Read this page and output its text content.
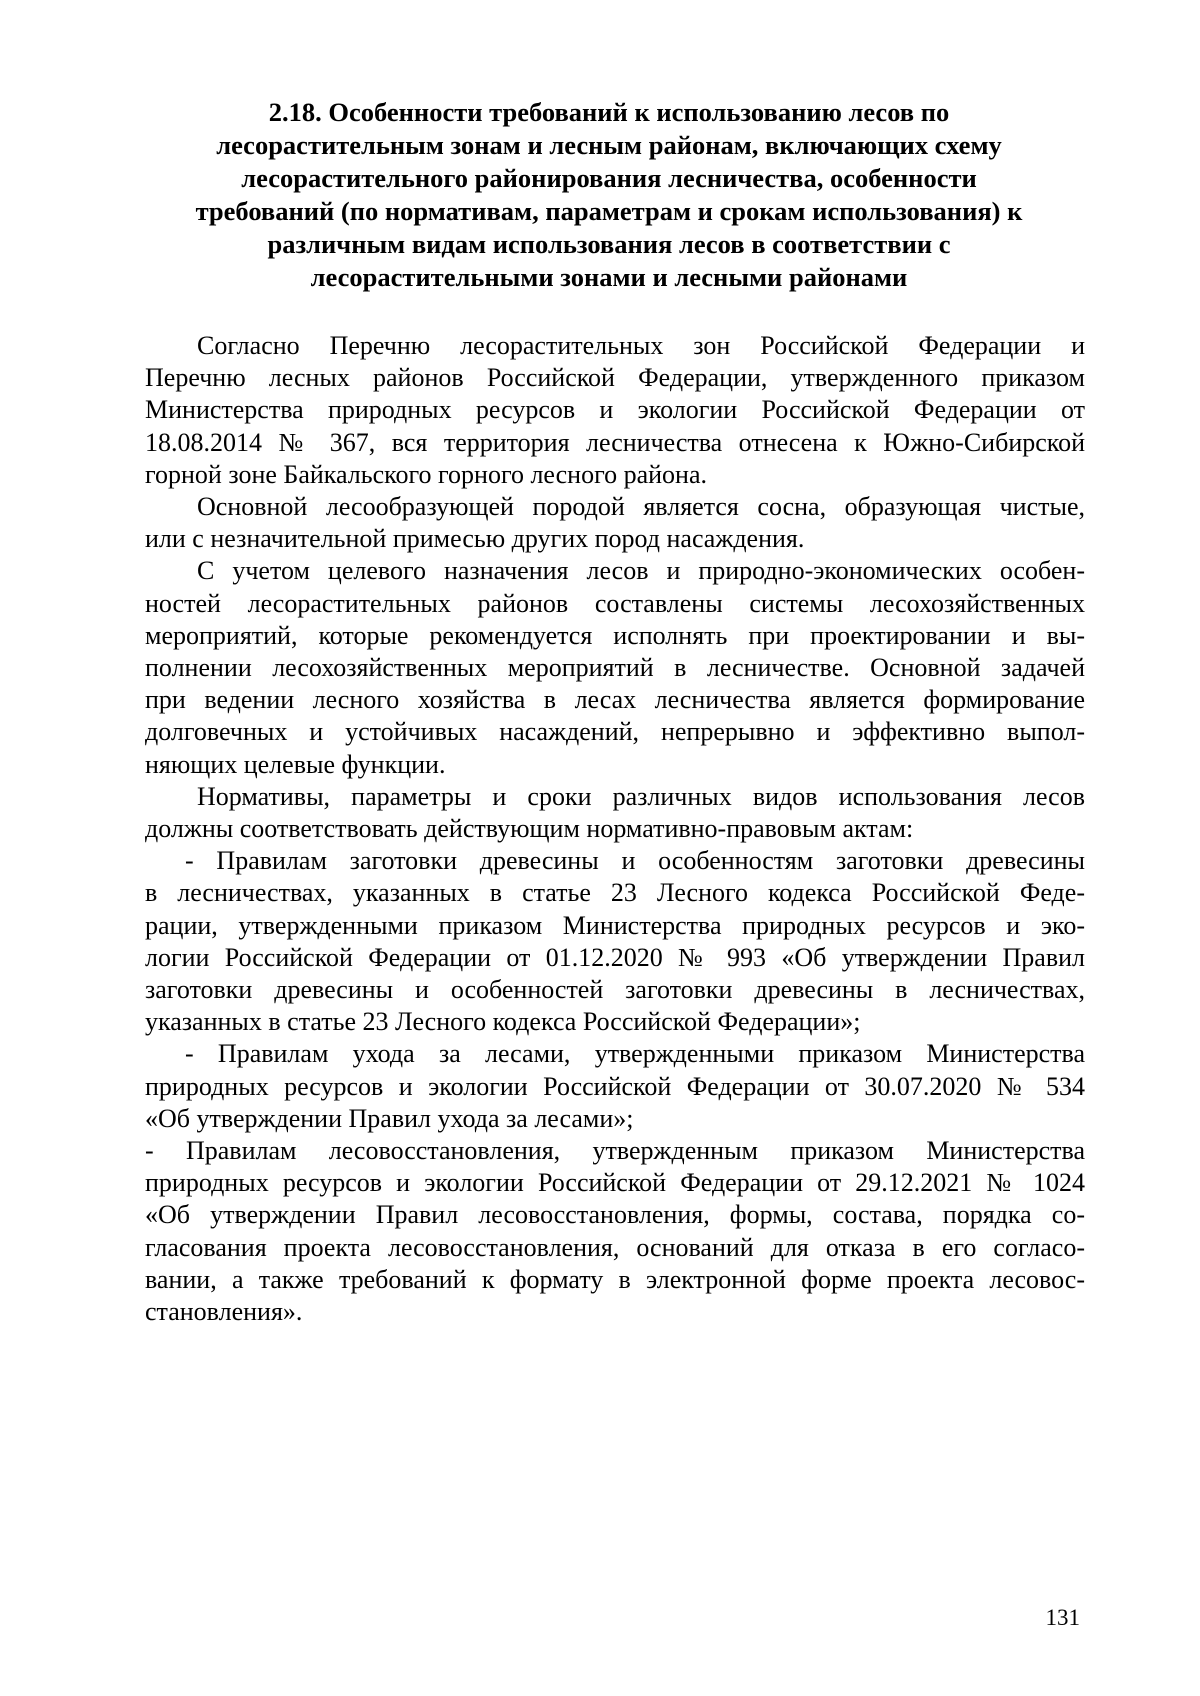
2.18. Особенности требований к использованию лесов по
лесорастительным зонам и лесным районам, включающих схему
лесорастительного районирования лесничества, особенности
требований (по нормативам, параметрам и срокам использования) к
различным видам использования лесов в соответствии с
лесорастительными зонами и лесными районами

Согласно Перечню лесорастительных зон Российской Федерации и
Перечню лесных районов Российской Федерации, утвержденного приказом
Министерства природных ресурсов и экологии Российской Федерации от
18.08.2014 № 367, вся территория лесничества отнесена к Южно-Сибирской
горной зоне Байкальского горного лесного района.

Основной лесообразующей породой является сосна, образующая чистые,
или с незначительной примесью других пород насаждения.

С учетом целевого назначения лесов и природно-экономических особен-
ностей лесорастительных районов составлены системы лесохозяйственных
мероприятий, которые рекомендуется исполнять при проектировании и вы-
полнении лесохозяйственных мероприятий в лесничестве. Основной задачей
при ведении лесного хозяйства в лесах лесничества является формирование
долговечных и устойчивых насаждений, непрерывно и эффективно выпол-
няющих целевые функции.

Нормативы, параметры и сроки различных видов использования лесов
должны соответствовать действующим нормативно-правовым актам:

- Правилам заготовки древесины и особенностям заготовки древесины
в лесничествах, указанных в статье 23 Лесного кодекса Российской Феде-
рации, утвержденными приказом Министерства природных ресурсов и эко-
логии Российской Федерации от 01.12.2020 № 993 «Об утверждении Правил
заготовки древесины и особенностей заготовки древесины в лесничествах,
указанных в статье 23 Лесного кодекса Российской Федерации»;

- Правилам ухода за лесами, утвержденными приказом Министерства
природных ресурсов и экологии Российской Федерации от 30.07.2020 № 534
«Об утверждении Правил ухода за лесами»;

- Правилам лесовосстановления, утвержденным приказом Министерства
природных ресурсов и экологии Российской Федерации от 29.12.2021 № 1024
«Об утверждении Правил лесовосстановления, формы, состава, порядка со-
гласования проекта лесовосстановления, оснований для отказа в его согласо-
вании, а также требований к формату в электронной форме проекта лесовос-
становления».

131
